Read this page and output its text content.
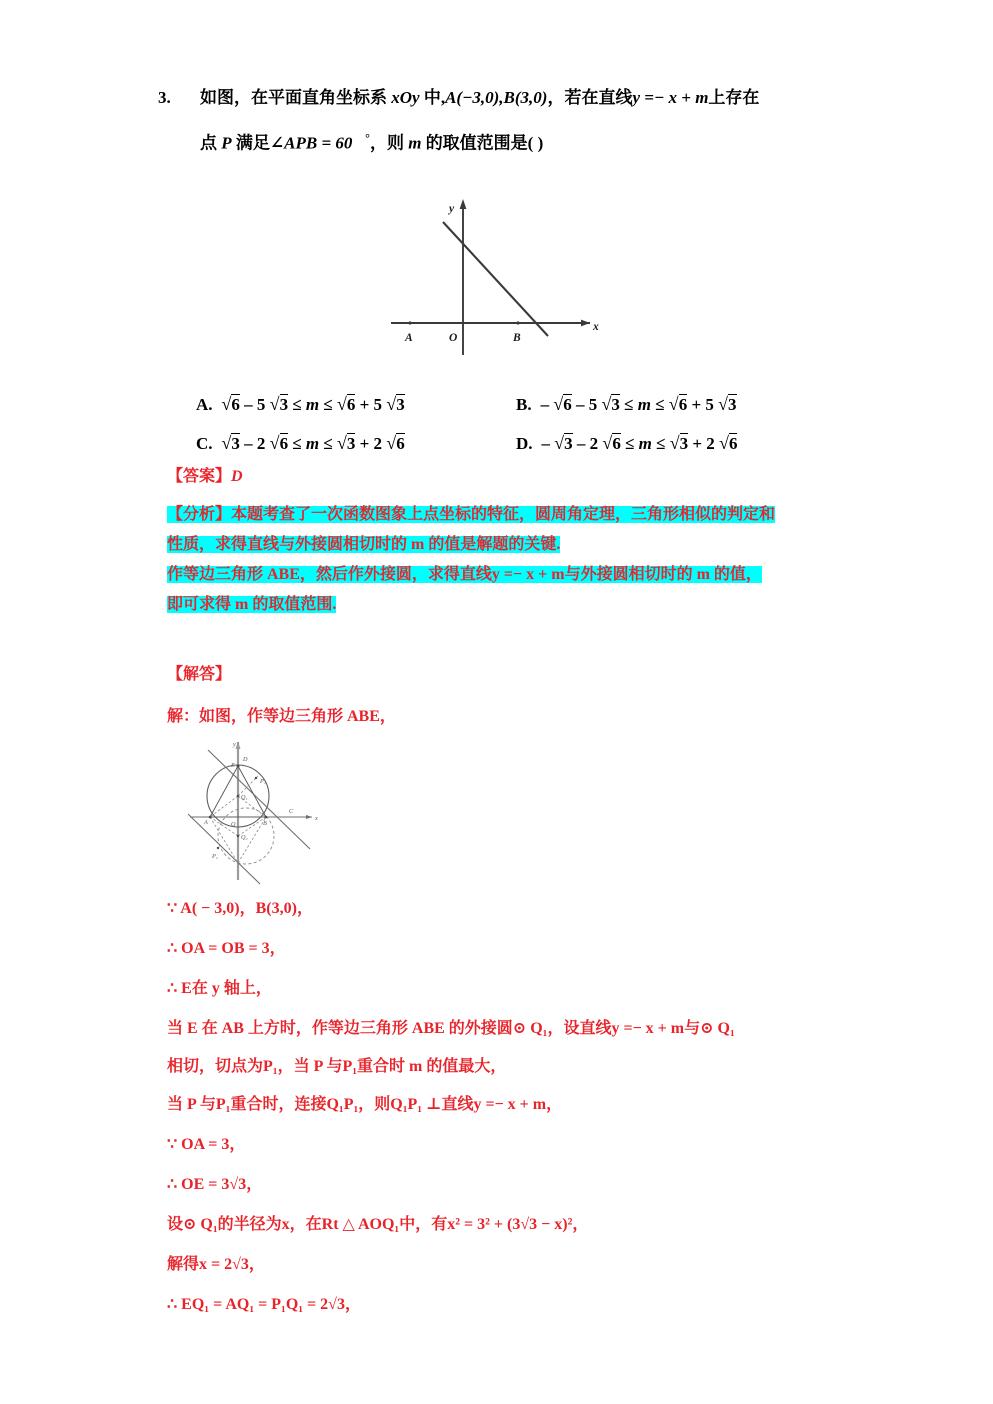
3.	如图，在平面直角坐标系 xOy 中,A(−3,0),B(3,0)，若在直线y =− x + m上存在
点 P 满足∠APB = 60 °，则 m 的取值范围是( )
A	O	B
x
y
A. √6 – 5 √3 ≤ m ≤ √6 + 5 √3	B. – √6 – 5 √3 ≤ m ≤ √6 + 5 √3
C. √3 – 2 √6 ≤ m ≤ √3 + 2 √6	D. – √3 – 2 √6 ≤ m ≤ √3 + 2 √6
【答案】D
【分析】本题考查了一次函数图象上点坐标的特征，圆周角定理，三角形相似的判定和
性质，求得直线与外接圆相切时的 m 的值是解题的关键.
作等边三角形 ABE，然后作外接圆，求得直线y =− x + m与外接圆相切时的 m 的值，
即可求得 m 的取值范围.
【解答】
解：如图，作等边三角形 ABE，
y
x
D
E
P₁
C
A	O	B
Q₁
Q₂
P₂
∵ A( − 3,0)，B(3,0)，
∴ OA = OB = 3，
∴ E在 y 轴上，
当 E 在 AB 上方时，作等边三角形 ABE 的外接圆⊙ Q₁，设直线y =− x + m与⊙ Q₁
相切，切点为P₁，当 P 与P₁重合时 m 的值最大，
当 P 与P₁重合时，连接Q₁P₁，则Q₁P₁ ⊥直线y =− x + m，
∵ OA = 3，
∴ OE = 3√3，
设⊙ Q₁的半径为x，在Rt △ AOQ₁中，有x² = 3² + (3√3 − x)²，
解得x = 2√3，
∴ EQ₁ = AQ₁ = P₁Q₁ = 2√3，
